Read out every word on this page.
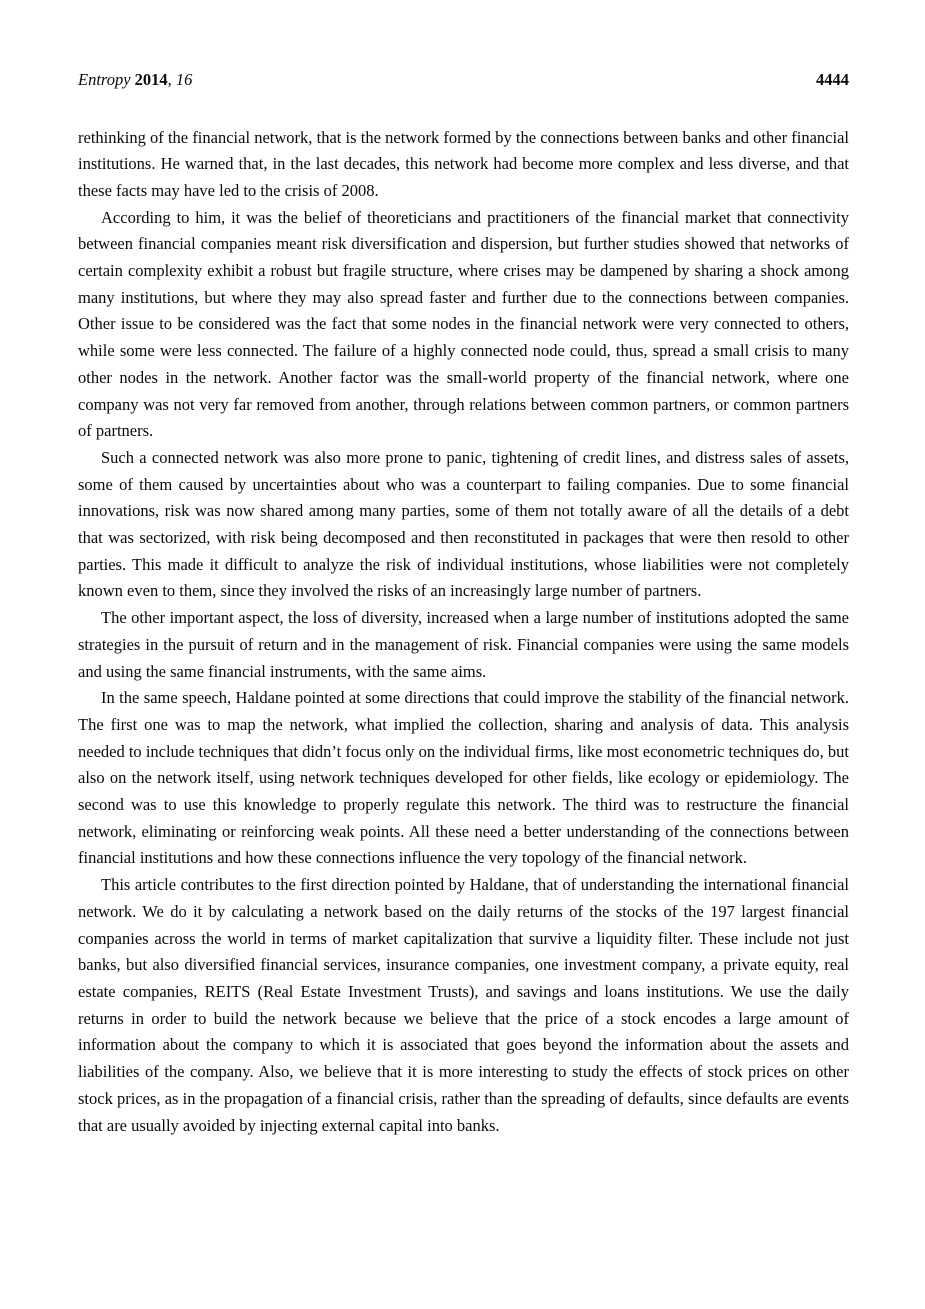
Entropy 2014, 16	4444

rethinking of the financial network, that is the network formed by the connections between banks and other financial institutions. He warned that, in the last decades, this network had become more complex and less diverse, and that these facts may have led to the crisis of 2008.

According to him, it was the belief of theoreticians and practitioners of the financial market that connectivity between financial companies meant risk diversification and dispersion, but further studies showed that networks of certain complexity exhibit a robust but fragile structure, where crises may be dampened by sharing a shock among many institutions, but where they may also spread faster and further due to the connections between companies. Other issue to be considered was the fact that some nodes in the financial network were very connected to others, while some were less connected. The failure of a highly connected node could, thus, spread a small crisis to many other nodes in the network. Another factor was the small-world property of the financial network, where one company was not very far removed from another, through relations between common partners, or common partners of partners.

Such a connected network was also more prone to panic, tightening of credit lines, and distress sales of assets, some of them caused by uncertainties about who was a counterpart to failing companies. Due to some financial innovations, risk was now shared among many parties, some of them not totally aware of all the details of a debt that was sectorized, with risk being decomposed and then reconstituted in packages that were then resold to other parties. This made it difficult to analyze the risk of individual institutions, whose liabilities were not completely known even to them, since they involved the risks of an increasingly large number of partners.

The other important aspect, the loss of diversity, increased when a large number of institutions adopted the same strategies in the pursuit of return and in the management of risk. Financial companies were using the same models and using the same financial instruments, with the same aims.

In the same speech, Haldane pointed at some directions that could improve the stability of the financial network. The first one was to map the network, what implied the collection, sharing and analysis of data. This analysis needed to include techniques that didn’t focus only on the individual firms, like most econometric techniques do, but also on the network itself, using network techniques developed for other fields, like ecology or epidemiology. The second was to use this knowledge to properly regulate this network. The third was to restructure the financial network, eliminating or reinforcing weak points. All these need a better understanding of the connections between financial institutions and how these connections influence the very topology of the financial network.

This article contributes to the first direction pointed by Haldane, that of understanding the international financial network. We do it by calculating a network based on the daily returns of the stocks of the 197 largest financial companies across the world in terms of market capitalization that survive a liquidity filter. These include not just banks, but also diversified financial services, insurance companies, one investment company, a private equity, real estate companies, REITS (Real Estate Investment Trusts), and savings and loans institutions. We use the daily returns in order to build the network because we believe that the price of a stock encodes a large amount of information about the company to which it is associated that goes beyond the information about the assets and liabilities of the company. Also, we believe that it is more interesting to study the effects of stock prices on other stock prices, as in the propagation of a financial crisis, rather than the spreading of defaults, since defaults are events that are usually avoided by injecting external capital into banks.
